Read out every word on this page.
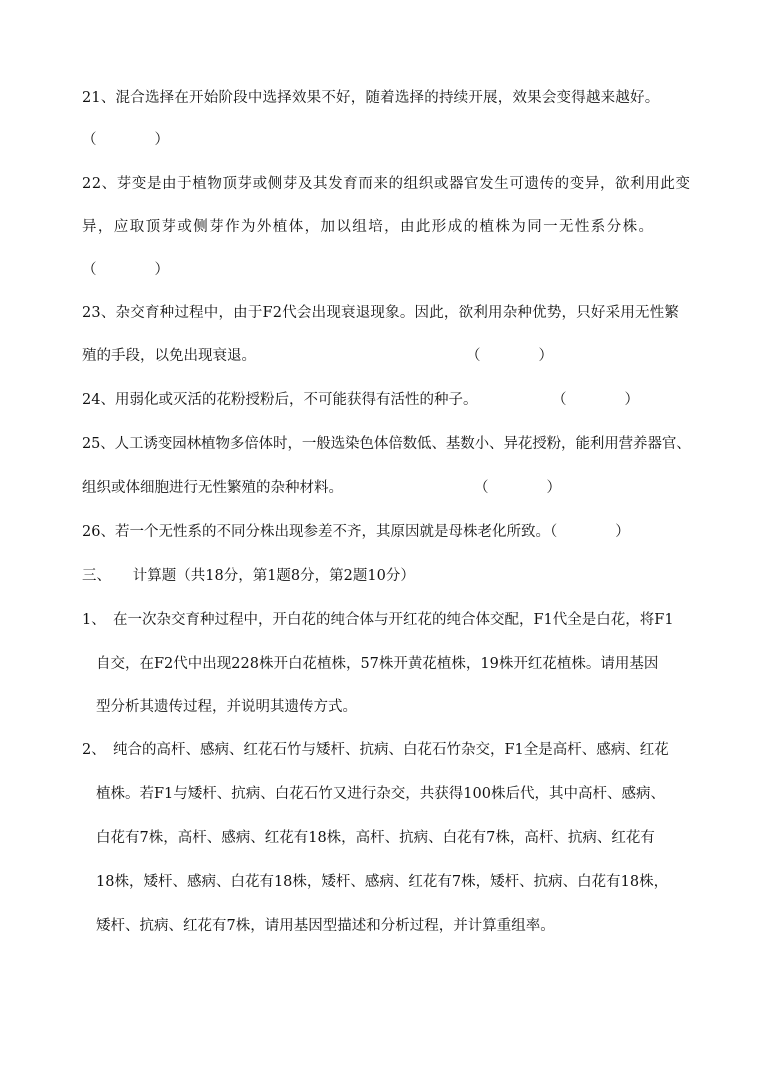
21、混合选择在开始阶段中选择效果不好，随着选择的持续开展，效果会变得越来越好。
（　　　　）
22、芽变是由于植物顶芽或侧芽及其发育而来的组织或器官发生可遗传的变异，欲利用此变
异，应取顶芽或侧芽作为外植体，加以组培，由此形成的植株为同一无性系分株。
（　　　　）
23、杂交育种过程中，由于F2代会出现衰退现象。因此，欲利用杂种优势，只好采用无性繁
殖的手段，以免出现衰退。	（　　　　）
24、用弱化或灭活的花粉授粉后，不可能获得有活性的种子。	（　　　　）
25、人工诱变园林植物多倍体时，一般选染色体倍数低、基数小、异花授粉，能利用营养器官、
组织或体细胞进行无性繁殖的杂种材料。	（　　　　）
26、若一个无性系的不同分株出现参差不齐，其原因就是母株老化所致。（　　　　）
三、　　计算题（共18分，第1题8分，第2题10分）
1、　在一次杂交育种过程中，开白花的纯合体与开红花的纯合体交配，F1代全是白花，将F1
自交，在F2代中出现228株开白花植株，57株开黄花植株，19株开红花植株。请用基因
型分析其遗传过程，并说明其遗传方式。
2、　纯合的高杆、感病、红花石竹与矮杆、抗病、白花石竹杂交，F1全是高杆、感病、红花
植株。若F1与矮杆、抗病、白花石竹又进行杂交，共获得100株后代，其中高杆、感病、
白花有7株，高杆、感病、红花有18株，高杆、抗病、白花有7株，高杆、抗病、红花有
18株，矮杆、感病、白花有18株，矮杆、感病、红花有7株，矮杆、抗病、白花有18株，
矮杆、抗病、红花有7株，请用基因型描述和分析过程，并计算重组率。
